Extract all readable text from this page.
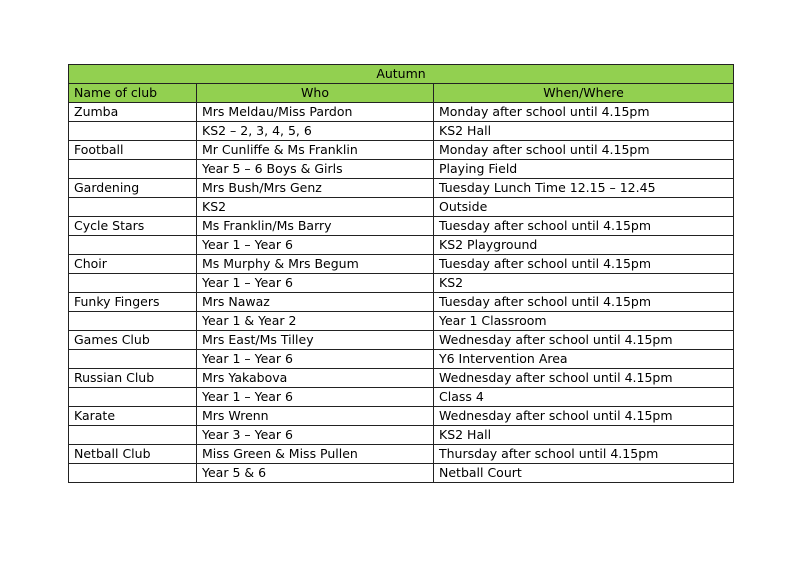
Autumn		
Name of club	Who	When/Where
Zumba	Mrs Meldau/Miss Pardon	Monday after school until 4.15pm
	KS2 – 2, 3, 4, 5, 6	KS2 Hall
Football	Mr Cunliffe & Ms Franklin	Monday after school until 4.15pm
	Year 5 – 6 Boys & Girls	Playing Field
Gardening	Mrs Bush/Mrs Genz	Tuesday Lunch Time 12.15 – 12.45
	KS2	Outside
Cycle Stars	Ms Franklin/Ms Barry	Tuesday after school until 4.15pm
	Year 1 – Year 6	KS2 Playground
Choir	Ms Murphy & Mrs Begum	Tuesday after school until 4.15pm
	Year 1 – Year 6	KS2
Funky Fingers	Mrs Nawaz	Tuesday after school until 4.15pm
	Year 1 & Year 2	Year 1 Classroom
Games Club	Mrs East/Ms Tilley	Wednesday after school until 4.15pm
	Year 1 – Year 6	Y6 Intervention Area
Russian Club	Mrs Yakabova	Wednesday after school until 4.15pm
	Year 1 – Year 6	Class 4
Karate	Mrs Wrenn	Wednesday after school until 4.15pm
	Year 3 – Year 6	KS2 Hall
Netball Club	Miss Green & Miss Pullen	Thursday after school until 4.15pm
	Year 5 & 6	Netball Court
